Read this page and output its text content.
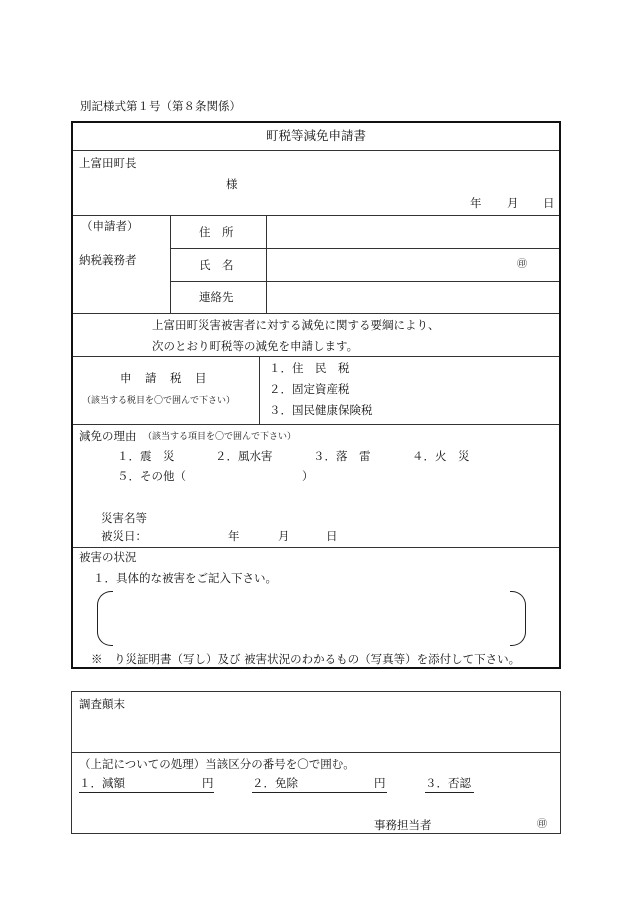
別記様式第１号（第８条関係）
町税等減免申請書
上富田町長
様
年 月 日
（申請者）
納税義務者
住　所
氏　名	㊞
連絡先
上富田町災害被害者に対する減免に関する要綱により、
次のとおり町税等の減免を申請します。
申　請　税　目
（該当する税目を〇で囲んで下さい）
１．住　民　税
２．固定資産税
３．国民健康保険税
減免の理由 （該当する項目を〇で囲んで下さい）
１．震　災	２．風水害	３．落　雷	４．火　災
５．その他（	）
災害名等
被災日：	年	月	日
被害の状況
１．具体的な被害をご記入下さい。
※　り災証明書（写し）及び 被害状況のわかるもの（写真等）を添付して下さい。
調査顛末
（上記についての処理）当該区分の番号を〇で囲む。
１．減額	円	２．免除	円	３．否認
事務担当者	㊞
